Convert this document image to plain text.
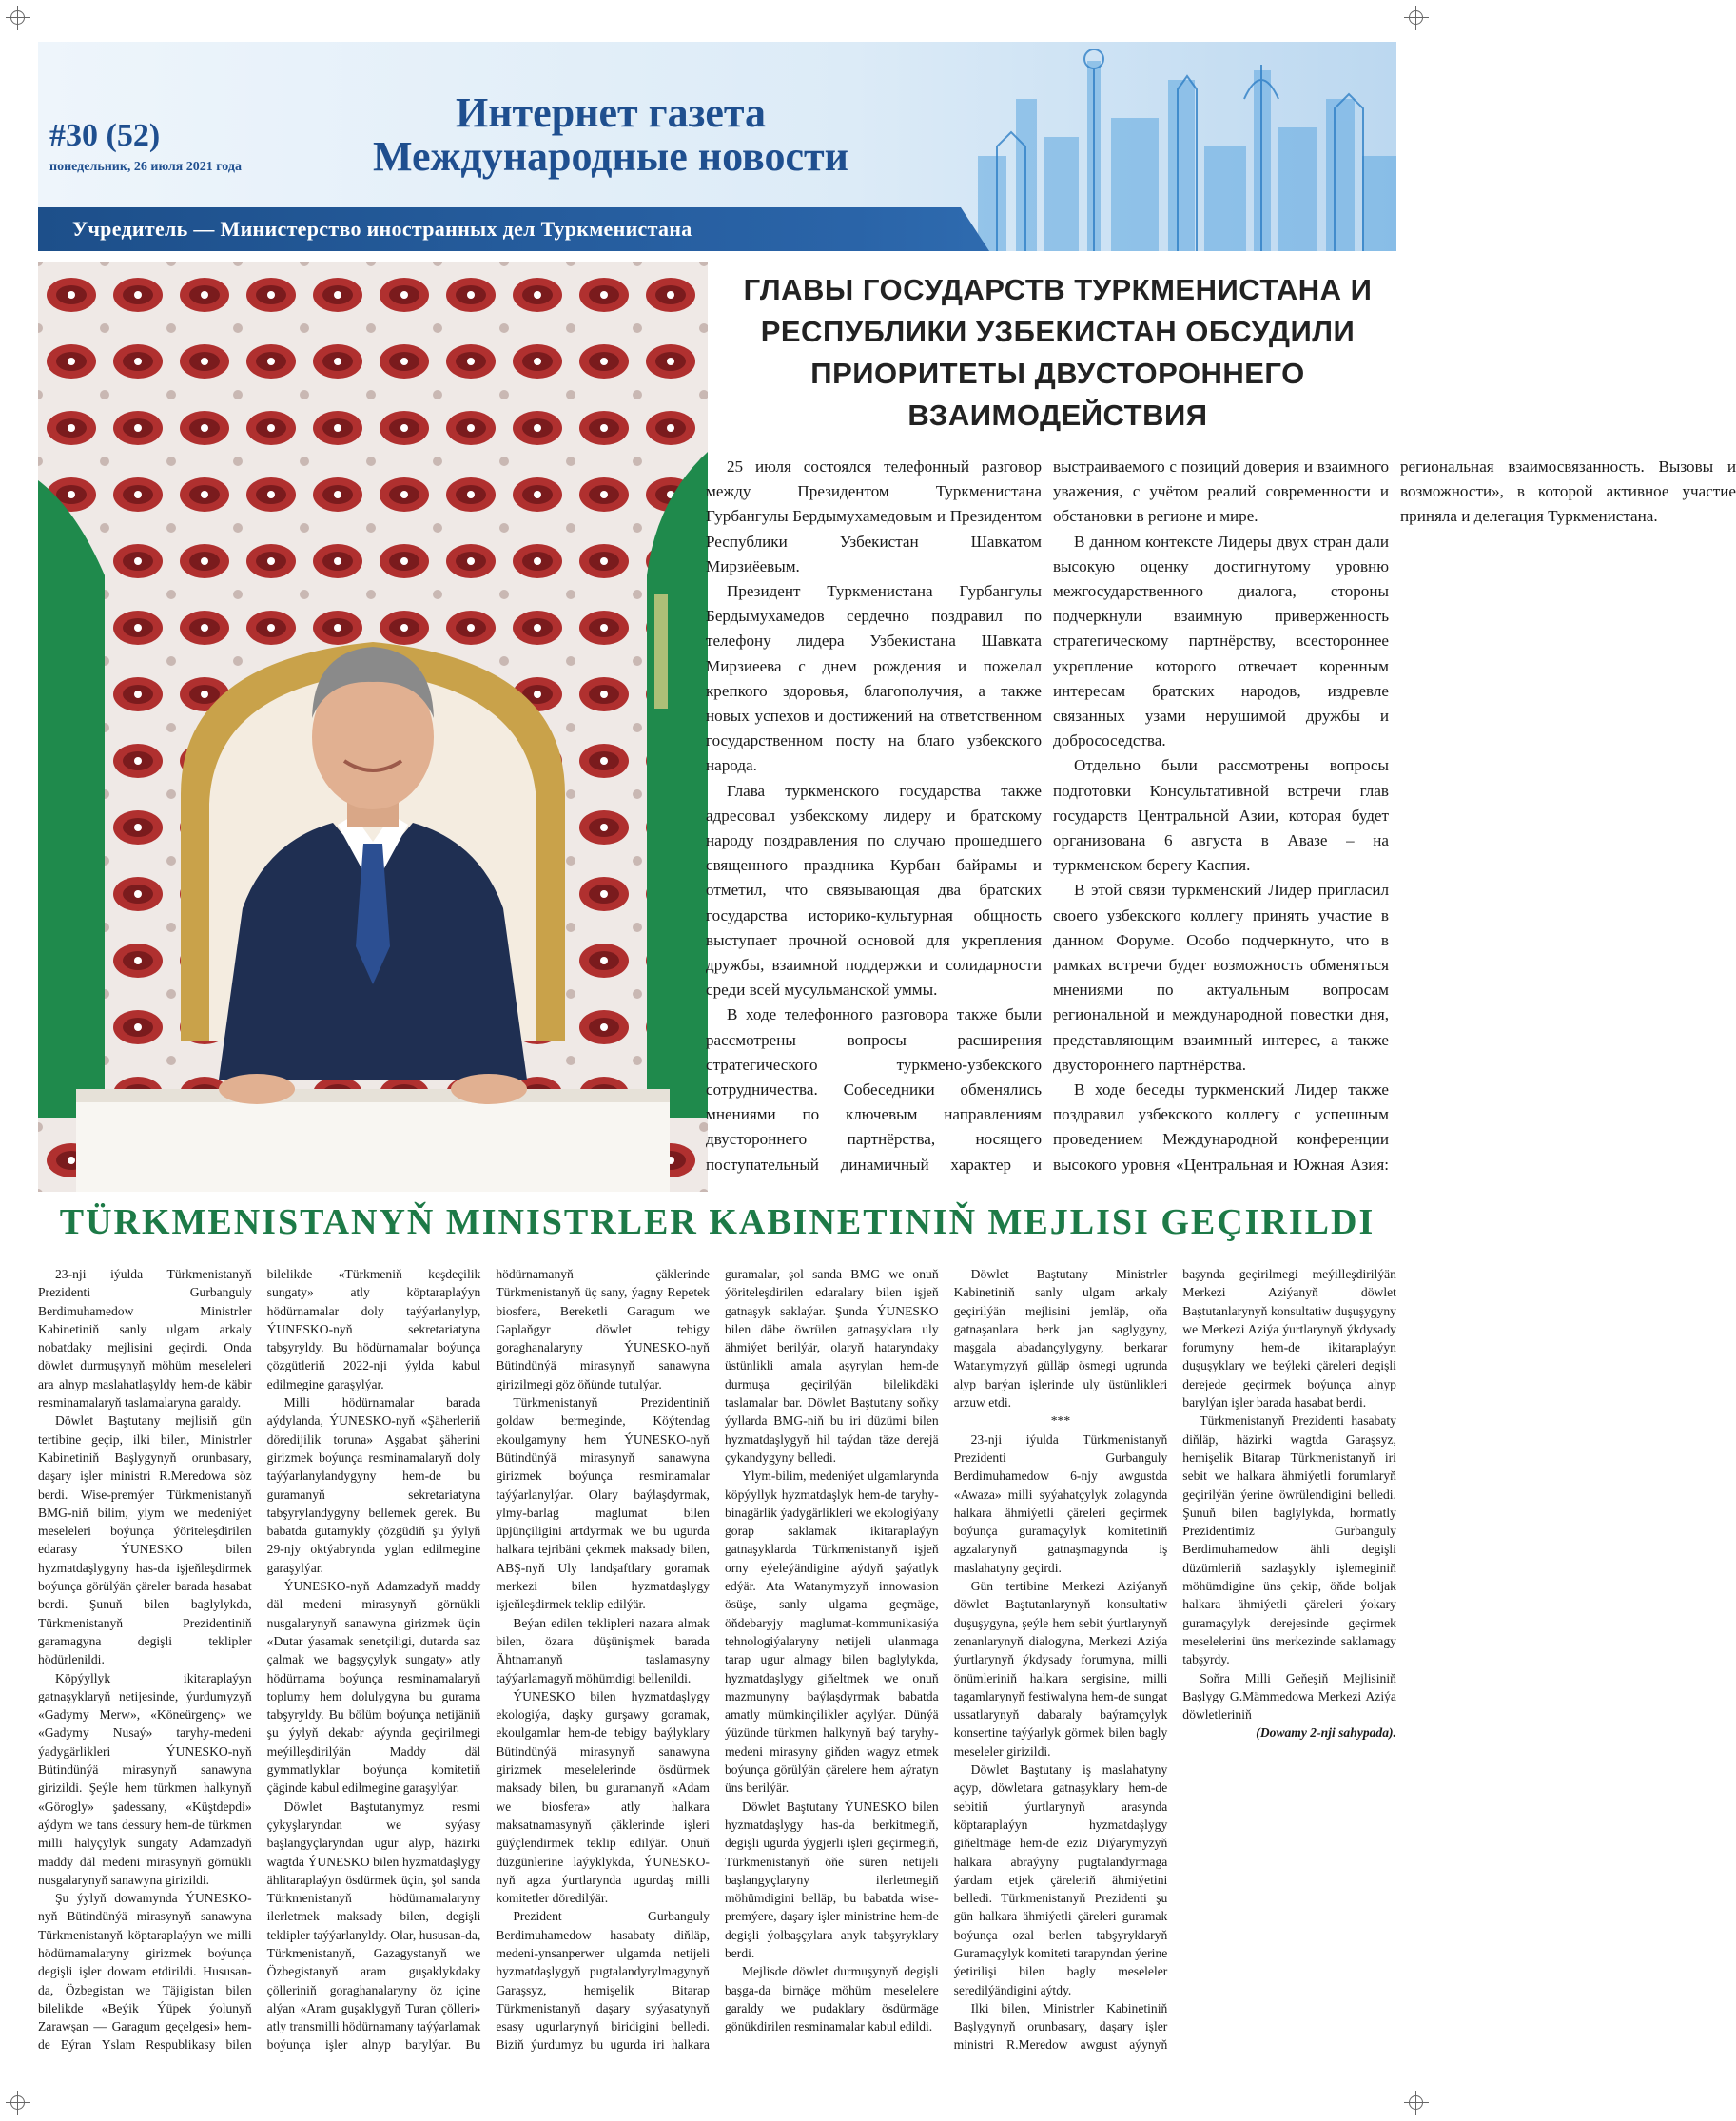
#30 (52)
понедельник, 26 июля 2021 года
Интернет газета
Международные новости
Учредитель — Министерство иностранных дел Туркменистана
ГЛАВЫ ГОСУДАРСТВ ТУРКМЕНИСТАНА И РЕСПУБЛИКИ УЗБЕКИСТАН ОБСУДИЛИ ПРИОРИТЕТЫ ДВУСТОРОННЕГО ВЗАИМОДЕЙСТВИЯ

25 июля состоялся телефонный разговор между Президентом Туркменистана Гурбангулы Бердымухамедовым и Президентом Республики Узбекистан Шавкатом Мирзиёевым.

Президент Туркменистана Гурбангулы Бердымухамедов сердечно поздравил по телефону лидера Узбекистана Шавката Мирзиеева с днем рождения и пожелал крепкого здоровья, благополучия, а также новых успехов и достижений на ответственном государственном посту на благо узбекского народа.

Глава туркменского государства также адресовал узбекскому лидеру и братскому народу поздравления по случаю прошедшего священного праздника Курбан байрамы и отметил, что связывающая два братских государства историко-культурная общность выступает прочной основой для укрепления дружбы, взаимной поддержки и солидарности среди всей мусульманской уммы.

В ходе телефонного разговора также были рассмотрены вопросы расширения стратегического туркмено-узбекского сотрудничества. Собеседники обменялись мнениями по ключевым направлениям двустороннего партнёрства, носящего поступательный динамичный характер и выстраиваемого с позиций доверия и взаимного уважения, с учётом реалий современности и обстановки в регионе и мире.

В данном контексте Лидеры двух стран дали высокую оценку достигнутому уровню межгосударственного диалога, стороны подчеркнули взаимную приверженность стратегическому партнёрству, всестороннее укрепление которого отвечает коренным интересам братских народов, издревле связанных узами нерушимой дружбы и добрососедства.

Отдельно были рассмотрены вопросы подготовки Консультативной встречи глав государств Центральной Азии, которая будет организована 6 августа в Авазе – на туркменском берегу Каспия.

В этой связи туркменский Лидер пригласил своего узбекского коллегу принять участие в данном Форуме. Особо подчеркнуто, что в рамках встречи будет возможность обменяться мнениями по актуальным вопросам региональной и международной повестки дня, представляющим взаимный интерес, а также двустороннего партнёрства.

В ходе беседы туркменский Лидер также поздравил узбекского коллегу с успешным проведением Международной конференции высокого уровня «Центральная и Южная Азия: региональная взаимосвязанность. Вызовы и возможности», в которой активное участие приняла и делегация Туркменистана.

TÜRKMENISTANYŇ MINISTRLER KABINETINIŇ MEJLISI GEÇIRILDI

23-nji iýulda Türkmenistanyň Prezidenti Gurbanguly Berdimuhamedow Ministrler Kabinetiniň sanly ulgam arkaly nobatdaky mejlisini geçirdi. Onda döwlet durmuşynyň möhüm meseleleri ara alnyp maslahatlaşyldy hem-de käbir resminamalaryň taslamalaryna garaldy.

Döwlet Baştutany mejlisiň gün tertibine geçip, ilki bilen, Ministrler Kabinetiniň Başlygynyň orunbasary, daşary işler ministri R.Meredowa söz berdi. Wise-premýer Türkmenistanyň BMG-niň bilim, ylym we medeniýet meseleleri boýunça ýöriteleşdirilen edarasy ÝUNESKO bilen hyzmatdaşlygyny has-da işjeňleşdirmek boýunça görülýän çäreler barada hasabat berdi. Şunuň bilen baglylykda, Türkmenistanyň Prezidentiniň garamagyna degişli teklipler hödürlenildi.

Köpýyllyk ikitaraplaýyn gatnaşyklaryň netijesinde, ýurdumyzyň «Gadymy Merw», «Köneürgenç» we «Gadymy Nusaý» taryhy-medeni ýadygärlikleri ÝUNESKO-nyň Bütindünýä mirasynyň sanawyna girizildi. Şeýle hem türkmen halkynyň «Görogly» şadessany, «Küştdepdi» aýdym we tans dessury hem-de türkmen milli halyçylyk sungaty Adamzadyň maddy däl medeni mirasynyň görnükli nusgalarynyň sanawyna girizildi.

Şu ýylyň dowamynda ÝUNESKO-nyň Bütindünýä mirasynyň sanawyna Türkmenistanyň köptaraplaýyn we milli hödürnamalaryny girizmek boýunça degişli işler dowam etdirildi. Hususan-da, Özbegistan we Täjigistan bilen bilelikde «Beýik Ýüpek ýolunyň Zarawşan — Garagum geçelgesi» hem-de Eýran Yslam Respublikasy bilen bilelikde «Türkmeniň keşdeçilik sungaty» atly köptaraplaýyn hödürnamalar doly taýýarlanylyp, ÝUNESKO-nyň sekretariatyna tabşyryldy. Bu hödürnamalar boýunça çözgütleriň 2022-nji ýylda kabul edilmegine garaşylýar.

Milli hödürnamalar barada aýdylanda, ÝUNESKO-nyň «Şäherleriň döredijilik toruna» Aşgabat şäherini girizmek boýunça resminamalaryň doly taýýarlanylandygyny hem-de bu guramanyň sekretariatyna tabşyrylandygyny bellemek gerek. Bu babatda gutarnykly çözgüdiň şu ýylyň 29-njy oktýabrynda yglan edilmegine garaşylýar.

ÝUNESKO-nyň Adamzadyň maddy däl medeni mirasynyň görnükli nusgalarynyň sanawyna girizmek üçin «Dutar ýasamak senetçiligi, dutarda saz çalmak we bagşyçylyk sungaty» atly hödürnama boýunça resminamalaryň toplumy hem dolulygyna bu gurama tabşyryldy. Bu bölüm boýunça netijäniň şu ýylyň dekabr aýynda geçirilmegi meýilleşdirilýän Maddy däl gymmatlyklar boýunça komitetiň çäginde kabul edilmegine garaşylýar.

Döwlet Baştutanymyz resmi çykyşlaryndan we syýasy başlangyçlaryndan ugur alyp, häzirki wagtda ÝUNESKO bilen hyzmatdaşlygy ählitaraplaýyn ösdürmek üçin, şol sanda Türkmenistanyň hödürnamalaryny ilerletmek maksady bilen, degişli teklipler taýýarlanyldy. Olar, hususan-da, Türkmenistanyň, Gazagystanyň we Özbegistanyň aram guşaklykdaky çölleriniň goraghanalaryny öz içine alýan «Aram guşaklygyň Turan çölleri» atly transmilli hödürnamany taýýarlamak boýunça işler alnyp barylýar. Bu hödürnamanyň çäklerinde Türkmenistanyň üç sany, ýagny Repetek biosfera, Bereketli Garagum we Gaplaňgyr döwlet tebigy goraghanalaryny ÝUNESKO-nyň Bütindünýä mirasynyň sanawyna girizilmegi göz öňünde tutulýar.

Türkmenistanyň Prezidentiniň goldaw bermeginde, Köýtendag ekoulgamyny hem ÝUNESKO-nyň Bütindünýä mirasynyň sanawyna girizmek boýunça resminamalar taýýarlanylýar. Olary baýlaşdyrmak, ylmy-barlag maglumat bilen üpjünçiligini artdyrmak we bu ugurda halkara tejribäni çekmek maksady bilen, ABŞ-nyň Uly landşaftlary goramak merkezi bilen hyzmatdaşlygy işjeňleşdirmek teklip edilýär.

Beýan edilen teklipleri nazara almak bilen, özara düşünişmek barada Ähtnamanyň taslamasyny taýýarlamagyň möhümdigi bellenildi.

ÝUNESKO bilen hyzmatdaşlygy ekologiýa, daşky gurşawy goramak, ekoulgamlar hem-de tebigy baýlyklary Bütindünýä mirasynyň sanawyna girizmek meselelerinde ösdürmek maksady bilen, bu guramanyň «Adam we biosfera» atly halkara maksatnamasynyň çäklerinde işleri güýçlendirmek teklip edilýär. Onuň düzgünlerine laýyklykda, ÝUNESKO-nyň agza ýurtlarynda ugurdaş milli komitetler döredilýär.

Prezident Gurbanguly Berdimuhamedow hasabaty diňläp, medeni-ynsanperwer ulgamda netijeli hyzmatdaşlygyň pugtalandyrylmagynyň Garaşsyz, hemişelik Bitarap Türkmenistanyň daşary syýasatynyň esasy ugurlarynyň biridigini belledi. Biziň ýurdumyz bu ugurda iri halkara guramalar, şol sanda BMG we onuň ýöriteleşdirilen edaralary bilen işjeň gatnaşyk saklaýar. Şunda ÝUNESKO bilen däbe öwrülen gatnaşyklara uly ähmiýet berilýär, olaryň hataryndaky üstünlikli amala aşyrylan hem-de durmuşa geçirilýän bilelikdäki taslamalar bar. Döwlet Baştutany soňky ýyllarda BMG-niň bu iri düzümi bilen hyzmatdaşlygyň hil taýdan täze derejä çykandygyny belledi.

Ylym-bilim, medeniýet ulgamlarynda köpýyllyk hyzmatdaşlyk hem-de taryhy-binagärlik ýadygärlikleri we ekologiýany gorap saklamak ikitaraplaýyn gatnaşyklarda Türkmenistanyň işjeň orny eýeleýändigine aýdyň şaýatlyk edýär. Ata Watanymyzyň innowasion ösüşe, sanly ulgama geçmäge, öňdebaryjy maglumat-kommunikasiýa tehnologiýalaryny netijeli ulanmaga tarap ugur almagy bilen baglylykda, hyzmatdaşlygy giňeltmek we onuň mazmunyny baýlaşdyrmak babatda amatly mümkinçilikler açylýar. Dünýä ýüzünde türkmen halkynyň baý taryhy-medeni mirasyny giňden wagyz etmek boýunça görülýän çärelere hem aýratyn üns berilýär.

Döwlet Baştutany ÝUNESKO bilen hyzmatdaşlygy has-da berkitmegiň, degişli ugurda ýygjerli işleri geçirmegiň, Türkmenistanyň öňe süren netijeli başlangyçlaryny ilerletmegiň möhümdigini belläp, bu babatda wise-premýere, daşary işler ministrine hem-de degişli ýolbaşçylara anyk tabşyryklary berdi.

Mejlisde döwlet durmuşynyň degişli başga-da birnäçe möhüm meselelere garaldy we pudaklary ösdürmäge gönükdirilen resminamalar kabul edildi.

Döwlet Baştutany Ministrler Kabinetiniň sanly ulgam arkaly geçirilýän mejlisini jemläp, oňa gatnaşanlara berk jan saglygyny, maşgala abadançylygyny, berkarar Watanymyzyň gülläp ösmegi ugrunda alyp barýan işlerinde uly üstünlikleri arzuw etdi.

***

23-nji iýulda Türkmenistanyň Prezidenti Gurbanguly Berdimuhamedow 6-njy awgustda «Awaza» milli syýahatçylyk zolagynda halkara ähmiýetli çäreleri geçirmek boýunça guramaçylyk komitetiniň agzalarynyň gatnaşmagynda iş maslahatyny geçirdi.

Gün tertibine Merkezi Aziýanyň döwlet Baştutanlarynyň konsultatiw duşuşygyna, şeýle hem sebit ýurtlarynyň zenanlarynyň dialogyna, Merkezi Aziýa ýurtlarynyň ýkdysady forumyna, milli önümleriniň halkara sergisine, milli tagamlarynyň festiwalyna hem-de sungat ussatlarynyň dabaraly baýramçylyk konsertine taýýarlyk görmek bilen bagly meseleler girizildi.

Döwlet Baştutany iş maslahatyny açyp, döwletara gatnaşyklary hem-de sebitiň ýurtlarynyň arasynda köptaraplaýyn hyzmatdaşlygy giňeltmäge hem-de eziz Diýarymyzyň halkara abraýyny pugtalandyrmaga ýardam etjek çäreleriň ähmiýetini belledi. Türkmenistanyň Prezidenti şu gün halkara ähmiýetli çäreleri guramak boýunça ozal berlen tabşyryklaryň Guramaçylyk komiteti tarapyndan ýerine ýetirilişi bilen bagly meseleler seredilýändigini aýtdy.

Ilki bilen, Ministrler Kabinetiniň Başlygynyň orunbasary, daşary işler ministri R.Meredow awgust aýynyň başynda geçirilmegi meýilleşdirilýän Merkezi Aziýanyň döwlet Baştutanlarynyň konsultatiw duşuşygyny we Merkezi Aziýa ýurtlarynyň ýkdysady forumyny hem-de ikitaraplaýyn duşuşyklary we beýleki çäreleri degişli derejede geçirmek boýunça alnyp barylýan işler barada hasabat berdi.

Türkmenistanyň Prezidenti hasabaty diňläp, häzirki wagtda Garaşsyz, hemişelik Bitarap Türkmenistanyň iri sebit we halkara ähmiýetli forumlaryň geçirilýän ýerine öwrülendigini belledi. Şunuň bilen baglylykda, hormatly Prezidentimiz Gurbanguly Berdimuhamedow ähli degişli düzümleriň sazlaşykly işlemeginiň möhümdigine üns çekip, öňde boljak halkara ähmiýetli çäreleri ýokary guramaçylyk derejesinde geçirmek meselelerini üns merkezinde saklamagy tabşyrdy.

Soňra Milli Geňeşiň Mejlisiniň Başlygy G.Mämmedowa Merkezi Aziýa döwletleriniň

(Dowamy 2-nji sahypada).
